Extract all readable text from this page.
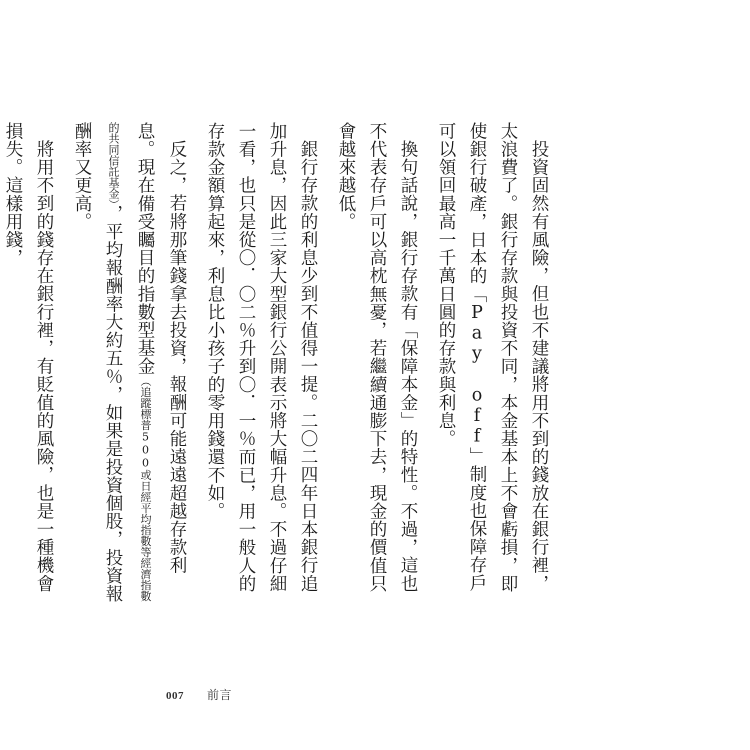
投資固然有風險，但也不建議將用不到的錢放在銀行裡，太浪費了。銀行存款與投資不同，本金基本上不會虧損，即使銀行破產，日本的「Pay off」制度也保障存戶可以領回最高一千萬日圓的存款與利息。

換句話說，銀行存款有「保障本金」的特性。不過，這也不代表存戶可以高枕無憂，若繼續通膨下去，現金的價值只會越來越低。

銀行存款的利息少到不值得一提。二〇二四年日本銀行追加升息，因此三家大型銀行公開表示將大幅升息。不過仔細一看，也只是從〇．〇二％升到〇．一％而已，用一般人的存款金額算起來，利息比小孩子的零用錢還不如。

反之，若將那筆錢拿去投資，報酬可能遠遠超越存款利息。現在備受矚目的指數型基金（追蹤標普500或日經平均指數等經濟指數的共同信託基金），平均報酬率大約五％，如果是投資個股，投資報酬率又更高。

將用不到的錢存在銀行裡，有貶值的風險，也是一種機會損失。這樣用錢，

007 前言
